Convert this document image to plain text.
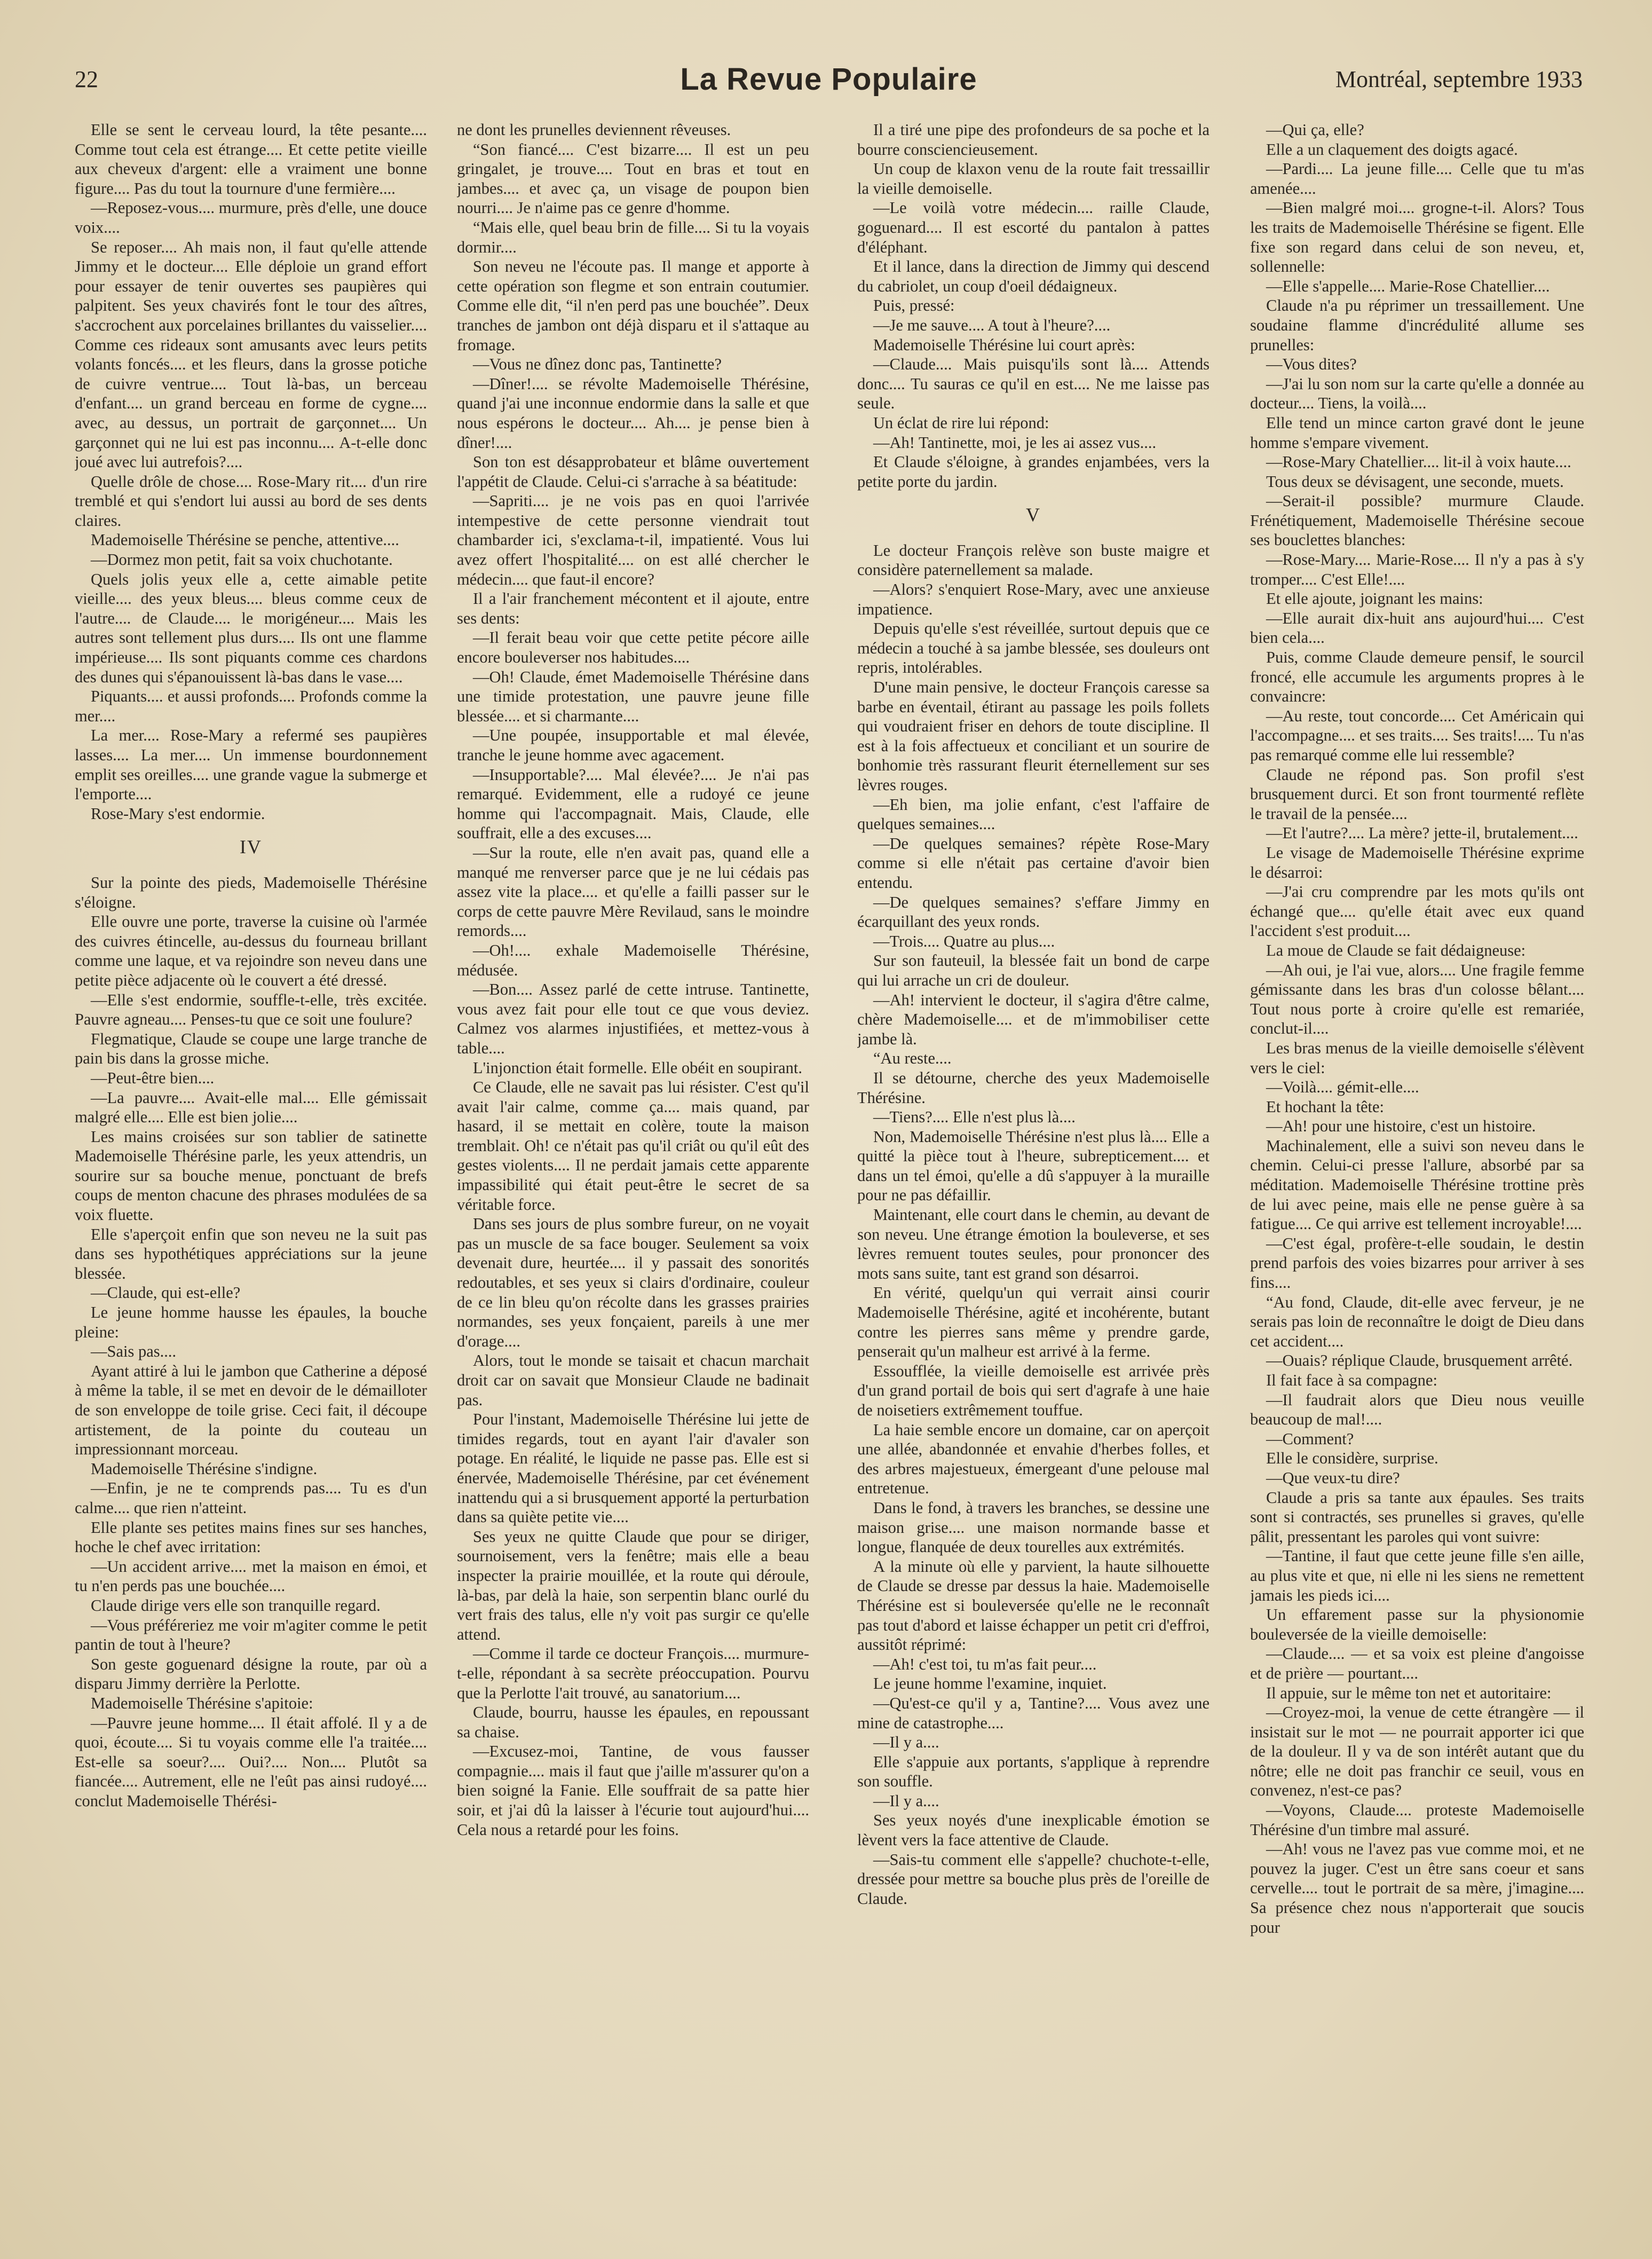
22	La Revue Populaire	Montréal, septembre 1933

Elle se sent le cerveau lourd, la tête pesante.... Comme tout cela est étrange.... Et cette petite vieille aux cheveux d'argent: elle a vraiment une bonne figure.... Pas du tout la tournure d'une fermière....

—Reposez-vous.... murmure, près d'elle, une douce voix....

Se reposer.... Ah mais non, il faut qu'elle attende Jimmy et le docteur.... Elle déploie un grand effort pour essayer de tenir ouvertes ses paupières qui palpitent. Ses yeux chavirés font le tour des aîtres, s'accrochent aux porcelaines brillantes du vaisselier.... Comme ces rideaux sont amusants avec leurs petits volants foncés.... et les fleurs, dans la grosse potiche de cuivre ventrue.... Tout là-bas, un berceau d'enfant.... un grand berceau en forme de cygne.... avec, au dessus, un portrait de garçonnet.... Un garçonnet qui ne lui est pas inconnu.... A-t-elle donc joué avec lui autrefois?....

Quelle drôle de chose.... Rose-Mary rit.... d'un rire tremblé et qui s'endort lui aussi au bord de ses dents claires.

Mademoiselle Thérésine se penche, attentive....

—Dormez mon petit, fait sa voix chuchotante.

Quels jolis yeux elle a, cette aimable petite vieille.... des yeux bleus.... bleus comme ceux de l'autre.... de Claude.... le morigéneur.... Mais les autres sont tellement plus durs.... Ils ont une flamme impérieuse.... Ils sont piquants comme ces chardons des dunes qui s'épanouissent là-bas dans le vase....

Piquants.... et aussi profonds.... Profonds comme la mer....

La mer.... Rose-Mary a refermé ses paupières lasses.... La mer.... Un immense bourdonnement emplit ses oreilles.... une grande vague la submerge et l'emporte....

Rose-Mary s'est endormie.

IV

Sur la pointe des pieds, Mademoiselle Thérésine s'éloigne.

Elle ouvre une porte, traverse la cuisine où l'armée des cuivres étincelle, au-dessus du fourneau brillant comme une laque, et va rejoindre son neveu dans une petite pièce adjacente où le couvert a été dressé.

—Elle s'est endormie, souffle-t-elle, très excitée. Pauvre agneau.... Penses-tu que ce soit une foulure?

Flegmatique, Claude se coupe une large tranche de pain bis dans la grosse miche.

—Peut-être bien....

—La pauvre.... Avait-elle mal.... Elle gémissait malgré elle.... Elle est bien jolie....

Les mains croisées sur son tablier de satinette Mademoiselle Thérésine parle, les yeux attendris, un sourire sur sa bouche menue, ponctuant de brefs coups de menton chacune des phrases modulées de sa voix fluette.

Elle s'aperçoit enfin que son neveu ne la suit pas dans ses hypothétiques appréciations sur la jeune blessée.

—Claude, qui est-elle?

Le jeune homme hausse les épaules, la bouche pleine:

—Sais pas....

Ayant attiré à lui le jambon que Catherine a déposé à même la table, il se met en devoir de le démailloter de son enveloppe de toile grise. Ceci fait, il découpe artistement, de la pointe du couteau un impressionnant morceau.

Mademoiselle Thérésine s'indigne.

—Enfin, je ne te comprends pas.... Tu es d'un calme.... que rien n'atteint.

Elle plante ses petites mains fines sur ses hanches, hoche le chef avec irritation:

—Un accident arrive.... met la maison en émoi, et tu n'en perds pas une bouchée....

Claude dirige vers elle son tranquille regard.

—Vous préféreriez me voir m'agiter comme le petit pantin de tout à l'heure?

Son geste goguenard désigne la route, par où a disparu Jimmy derrière la Perlotte.

Mademoiselle Thérésine s'apitoie:

—Pauvre jeune homme.... Il était affolé. Il y a de quoi, écoute.... Si tu voyais comme elle l'a traitée.... Est-elle sa soeur?.... Oui?.... Non.... Plutôt sa fiancée.... Autrement, elle ne l'eût pas ainsi rudoyé.... conclut Mademoiselle Thérési-

ne dont les prunelles deviennent rêveuses.

“Son fiancé.... C'est bizarre.... Il est un peu gringalet, je trouve.... Tout en bras et tout en jambes.... et avec ça, un visage de poupon bien nourri.... Je n'aime pas ce genre d'homme.

“Mais elle, quel beau brin de fille.... Si tu la voyais dormir....

Son neveu ne l'écoute pas. Il mange et apporte à cette opération son flegme et son entrain coutumier. Comme elle dit, “il n'en perd pas une bouchée”. Deux tranches de jambon ont déjà disparu et il s'attaque au fromage.

—Vous ne dînez donc pas, Tantinette?

—Dîner!.... se révolte Mademoiselle Thérésine, quand j'ai une inconnue endormie dans la salle et que nous espérons le docteur.... Ah.... je pense bien à dîner!....

Son ton est désapprobateur et blâme ouvertement l'appétit de Claude. Celui-ci s'arrache à sa béatitude:

—Sapriti.... je ne vois pas en quoi l'arrivée intempestive de cette personne viendrait tout chambarder ici, s'exclama-t-il, impatienté. Vous lui avez offert l'hospitalité.... on est allé chercher le médecin.... que faut-il encore?

Il a l'air franchement mécontent et il ajoute, entre ses dents:

—Il ferait beau voir que cette petite pécore aille encore bouleverser nos habitudes....

—Oh! Claude, émet Mademoiselle Thérésine dans une timide protestation, une pauvre jeune fille blessée.... et si charmante....

—Une poupée, insupportable et mal élevée, tranche le jeune homme avec agacement.

—Insupportable?.... Mal élevée?.... Je n'ai pas remarqué. Evidemment, elle a rudoyé ce jeune homme qui l'accompagnait. Mais, Claude, elle souffrait, elle a des excuses....

—Sur la route, elle n'en avait pas, quand elle a manqué me renverser parce que je ne lui cédais pas assez vite la place.... et qu'elle a failli passer sur le corps de cette pauvre Mère Revilaud, sans le moindre remords....

—Oh!.... exhale Mademoiselle Thérésine, médusée.

—Bon.... Assez parlé de cette intruse. Tantinette, vous avez fait pour elle tout ce que vous deviez. Calmez vos alarmes injustifiées, et mettez-vous à table....

L'injonction était formelle. Elle obéit en soupirant.

Ce Claude, elle ne savait pas lui résister. C'est qu'il avait l'air calme, comme ça.... mais quand, par hasard, il se mettait en colère, toute la maison tremblait. Oh! ce n'était pas qu'il criât ou qu'il eût des gestes violents.... Il ne perdait jamais cette apparente impassibilité qui était peut-être le secret de sa véritable force.

Dans ses jours de plus sombre fureur, on ne voyait pas un muscle de sa face bouger. Seulement sa voix devenait dure, heurtée.... il y passait des sonorités redoutables, et ses yeux si clairs d'ordinaire, couleur de ce lin bleu qu'on récolte dans les grasses prairies normandes, ses yeux fonçaient, pareils à une mer d'orage....

Alors, tout le monde se taisait et chacun marchait droit car on savait que Monsieur Claude ne badinait pas.

Pour l'instant, Mademoiselle Thérésine lui jette de timides regards, tout en ayant l'air d'avaler son potage. En réalité, le liquide ne passe pas. Elle est si énervée, Mademoiselle Thérésine, par cet événement inattendu qui a si brusquement apporté la perturbation dans sa quiète petite vie....

Ses yeux ne quitte Claude que pour se diriger, sournoisement, vers la fenêtre; mais elle a beau inspecter la prairie mouillée, et la route qui déroule, là-bas, par delà la haie, son serpentin blanc ourlé du vert frais des talus, elle n'y voit pas surgir ce qu'elle attend.

—Comme il tarde ce docteur François.... murmure-t-elle, répondant à sa secrète préoccupation. Pourvu que la Perlotte l'ait trouvé, au sanatorium....

Claude, bourru, hausse les épaules, en repoussant sa chaise.

—Excusez-moi, Tantine, de vous fausser compagnie.... mais il faut que j'aille m'assurer qu'on a bien soigné la Fanie. Elle souffrait de sa patte hier soir, et j'ai dû la laisser à l'écurie tout aujourd'hui.... Cela nous a retardé pour les foins.

Il a tiré une pipe des profondeurs de sa poche et la bourre consciencieusement.

Un coup de klaxon venu de la route fait tressaillir la vieille demoiselle.

—Le voilà votre médecin.... raille Claude, goguenard.... Il est escorté du pantalon à pattes d'éléphant.

Et il lance, dans la direction de Jimmy qui descend du cabriolet, un coup d'oeil dédaigneux.

Puis, pressé:

—Je me sauve.... A tout à l'heure?....

Mademoiselle Thérésine lui court après:

—Claude.... Mais puisqu'ils sont là.... Attends donc.... Tu sauras ce qu'il en est.... Ne me laisse pas seule.

Un éclat de rire lui répond:

—Ah! Tantinette, moi, je les ai assez vus....

Et Claude s'éloigne, à grandes enjambées, vers la petite porte du jardin.

V

Le docteur François relève son buste maigre et considère paternellement sa malade.

—Alors? s'enquiert Rose-Mary, avec une anxieuse impatience.

Depuis qu'elle s'est réveillée, surtout depuis que ce médecin a touché à sa jambe blessée, ses douleurs ont repris, intolérables.

D'une main pensive, le docteur François caresse sa barbe en éventail, étirant au passage les poils follets qui voudraient friser en dehors de toute discipline. Il est à la fois affectueux et conciliant et un sourire de bonhomie très rassurant fleurit éternellement sur ses lèvres rouges.

—Eh bien, ma jolie enfant, c'est l'affaire de quelques semaines....

—De quelques semaines? répète Rose-Mary comme si elle n'était pas certaine d'avoir bien entendu.

—De quelques semaines? s'effare Jimmy en écarquillant des yeux ronds.

—Trois.... Quatre au plus....

Sur son fauteuil, la blessée fait un bond de carpe qui lui arrache un cri de douleur.

—Ah! intervient le docteur, il s'agira d'être calme, chère Mademoiselle.... et de m'immobiliser cette jambe là.

“Au reste....

Il se détourne, cherche des yeux Mademoiselle Thérésine.

—Tiens?.... Elle n'est plus là....

Non, Mademoiselle Thérésine n'est plus là.... Elle a quitté la pièce tout à l'heure, subrepticement.... et dans un tel émoi, qu'elle a dû s'appuyer à la muraille pour ne pas défaillir.

Maintenant, elle court dans le chemin, au devant de son neveu. Une étrange émotion la bouleverse, et ses lèvres remuent toutes seules, pour prononcer des mots sans suite, tant est grand son désarroi.

En vérité, quelqu'un qui verrait ainsi courir Mademoiselle Thérésine, agité et incohérente, butant contre les pierres sans même y prendre garde, penserait qu'un malheur est arrivé à la ferme.

Essoufflée, la vieille demoiselle est arrivée près d'un grand portail de bois qui sert d'agrafe à une haie de noisetiers extrêmement touffue.

La haie semble encore un domaine, car on aperçoit une allée, abandonnée et envahie d'herbes folles, et des arbres majestueux, émergeant d'une pelouse mal entretenue.

Dans le fond, à travers les branches, se dessine une maison grise.... une maison normande basse et longue, flanquée de deux tourelles aux extrémités.

A la minute où elle y parvient, la haute silhouette de Claude se dresse par dessus la haie. Mademoiselle Thérésine est si bouleversée qu'elle ne le reconnaît pas tout d'abord et laisse échapper un petit cri d'effroi, aussitôt réprimé:

—Ah! c'est toi, tu m'as fait peur....

Le jeune homme l'examine, inquiet.

—Qu'est-ce qu'il y a, Tantine?.... Vous avez une mine de catastrophe....

—Il y a....

Elle s'appuie aux portants, s'applique à reprendre son souffle.

—Il y a....

Ses yeux noyés d'une inexplicable émotion se lèvent vers la face attentive de Claude.

—Sais-tu comment elle s'appelle? chuchote-t-elle, dressée pour mettre sa bouche plus près de l'oreille de Claude.

—Qui ça, elle?

Elle a un claquement des doigts agacé.

—Pardi.... La jeune fille.... Celle que tu m'as amenée....

—Bien malgré moi.... grogne-t-il. Alors? Tous les traits de Mademoiselle Thérésine se figent. Elle fixe son regard dans celui de son neveu, et, sollennelle:

—Elle s'appelle.... Marie-Rose Chatellier....

Claude n'a pu réprimer un tressaillement. Une soudaine flamme d'incrédulité allume ses prunelles:

—Vous dites?

—J'ai lu son nom sur la carte qu'elle a donnée au docteur.... Tiens, la voilà....

Elle tend un mince carton gravé dont le jeune homme s'empare vivement.

—Rose-Mary Chatellier.... lit-il à voix haute....

Tous deux se dévisagent, une seconde, muets.

—Serait-il possible? murmure Claude. Frénétiquement, Mademoiselle Thérésine secoue ses bouclettes blanches:

—Rose-Mary.... Marie-Rose.... Il n'y a pas à s'y tromper.... C'est Elle!....

Et elle ajoute, joignant les mains:

—Elle aurait dix-huit ans aujourd'hui.... C'est bien cela....

Puis, comme Claude demeure pensif, le sourcil froncé, elle accumule les arguments propres à le convaincre:

—Au reste, tout concorde.... Cet Américain qui l'accompagne.... et ses traits.... Ses traits!.... Tu n'as pas remarqué comme elle lui ressemble?

Claude ne répond pas. Son profil s'est brusquement durci. Et son front tourmenté reflète le travail de la pensée....

—Et l'autre?.... La mère? jette-il, brutalement....

Le visage de Mademoiselle Thérésine exprime le désarroi:

—J'ai cru comprendre par les mots qu'ils ont échangé que.... qu'elle était avec eux quand l'accident s'est produit....

La moue de Claude se fait dédaigneuse:

—Ah oui, je l'ai vue, alors.... Une fragile femme gémissante dans les bras d'un colosse bêlant.... Tout nous porte à croire qu'elle est remariée, conclut-il....

Les bras menus de la vieille demoiselle s'élèvent vers le ciel:

—Voilà.... gémit-elle....

Et hochant la tête:

—Ah! pour une histoire, c'est un histoire.

Machinalement, elle a suivi son neveu dans le chemin. Celui-ci presse l'allure, absorbé par sa méditation. Mademoiselle Thérésine trottine près de lui avec peine, mais elle ne pense guère à sa fatigue.... Ce qui arrive est tellement incroyable!....

—C'est égal, profère-t-elle soudain, le destin prend parfois des voies bizarres pour arriver à ses fins....

“Au fond, Claude, dit-elle avec ferveur, je ne serais pas loin de reconnaître le doigt de Dieu dans cet accident....

—Ouais? réplique Claude, brusquement arrêté.

Il fait face à sa compagne:

—Il faudrait alors que Dieu nous veuille beaucoup de mal!....

—Comment?

Elle le considère, surprise.

—Que veux-tu dire?

Claude a pris sa tante aux épaules. Ses traits sont si contractés, ses prunelles si graves, qu'elle pâlit, pressentant les paroles qui vont suivre:

—Tantine, il faut que cette jeune fille s'en aille, au plus vite et que, ni elle ni les siens ne remettent jamais les pieds ici....

Un effarement passe sur la physionomie bouleversée de la vieille demoiselle:

—Claude.... — et sa voix est pleine d'angoisse et de prière — pourtant....

Il appuie, sur le même ton net et autoritaire:

—Croyez-moi, la venue de cette étrangère — il insistait sur le mot — ne pourrait apporter ici que de la douleur. Il y va de son intérêt autant que du nôtre; elle ne doit pas franchir ce seuil, vous en convenez, n'est-ce pas?

—Voyons, Claude.... proteste Mademoiselle Thérésine d'un timbre mal assuré.

—Ah! vous ne l'avez pas vue comme moi, et ne pouvez la juger. C'est un être sans coeur et sans cervelle.... tout le portrait de sa mère, j'imagine.... Sa présence chez nous n'apporterait que soucis pour
